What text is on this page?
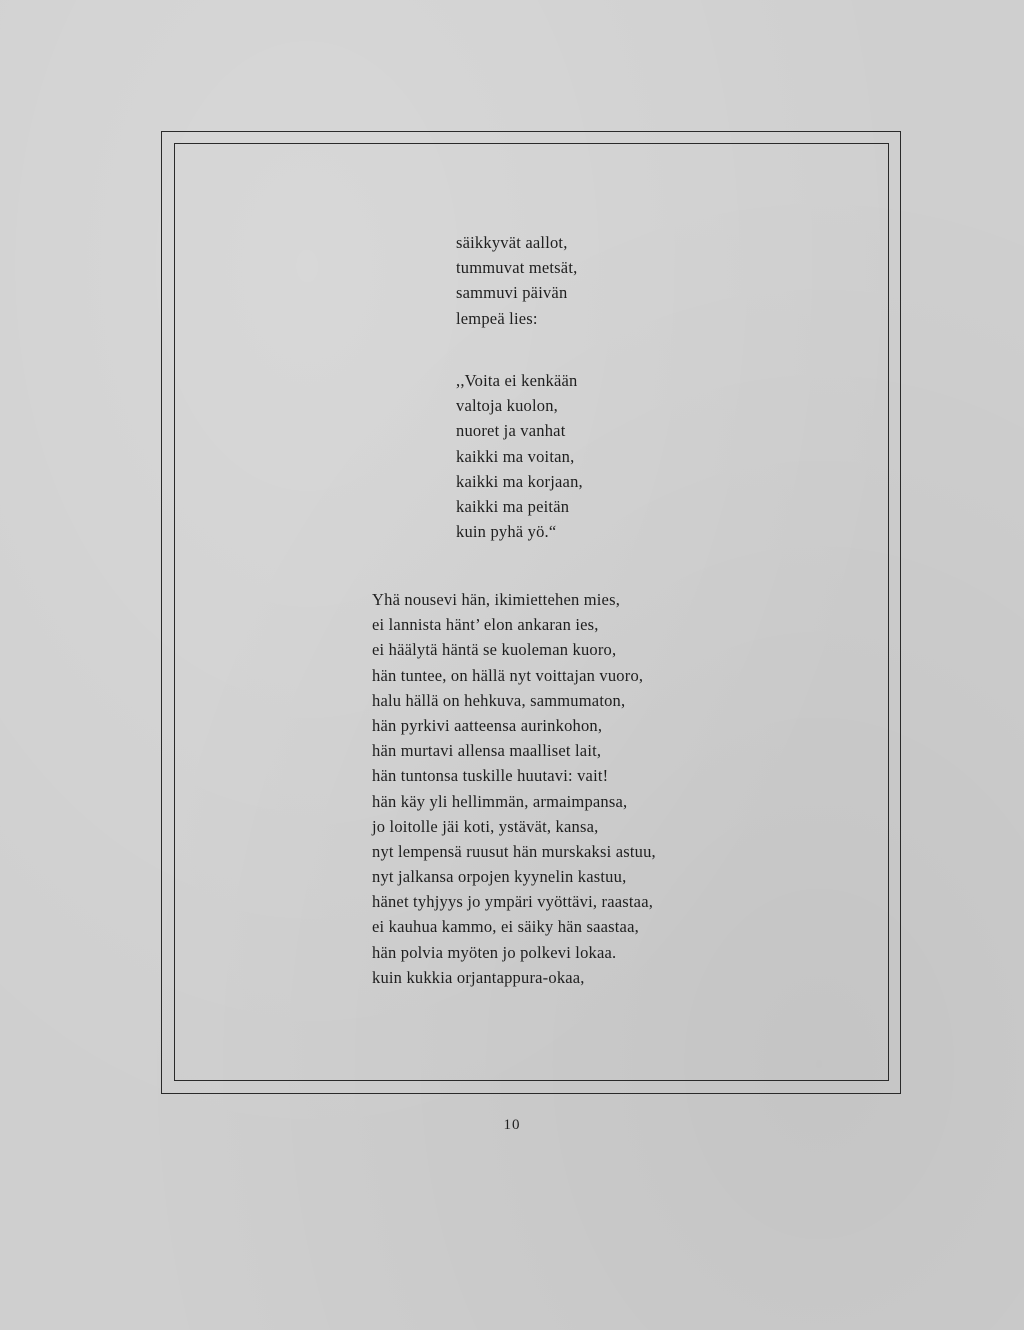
säikkyvät aallot,
tummuvat metsät,
sammuvi päivän
lempeä lies:
,,Voita ei kenkään
valtoja kuolon,
nuoret ja vanhat
kaikki ma voitan,
kaikki ma korjaan,
kaikki ma peitän
kuin pyhä yö.“
Yhä nousevi hän, ikimiettehen mies,
ei lannista hänt’ elon ankaran ies,
ei häälytä häntä se kuoleman kuoro,
hän tuntee, on hällä nyt voittajan vuoro,
halu hällä on hehkuva, sammumaton,
hän pyrkivi aatteensa aurinkohon,
hän murtavi allensa maalliset lait,
hän tuntonsa tuskille huutavi: vait!
hän käy yli hellimmän, armaimpansa,
jo loitolle jäi koti, ystävät, kansa,
nyt lempensä ruusut hän murskaksi astuu,
nyt jalkansa orpojen kyynelin kastuu,
hänet tyhjyys jo ympäri vyöttävi, raastaa,
ei kauhua kammo, ei säiky hän saastaa,
hän polvia myöten jo polkevi lokaa.
kuin kukkia orjantappura-okaa,
10
